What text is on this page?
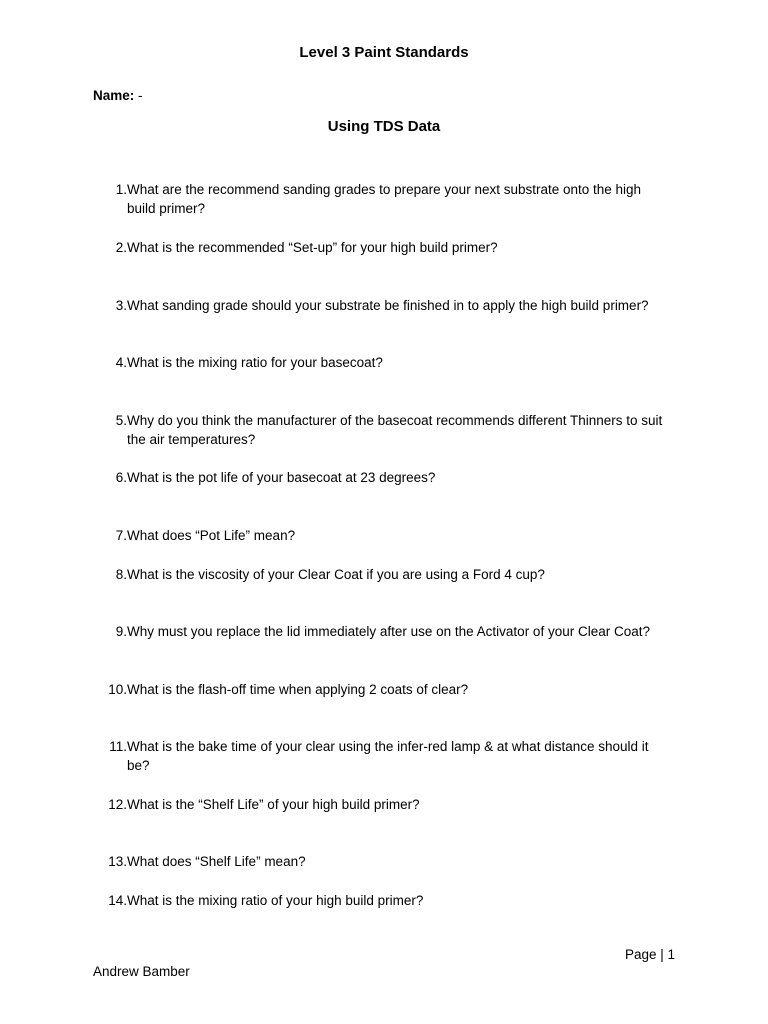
Level 3 Paint Standards
Name: -
Using TDS Data
1. What are the recommend sanding grades to prepare your next substrate onto the high build primer?
2. What is the recommended “Set-up” for your high build primer?
3. What sanding grade should your substrate be finished in to apply the high build primer?
4. What is the mixing ratio for your basecoat?
5. Why do you think the manufacturer of the basecoat recommends different Thinners to suit the air temperatures?
6. What is the pot life of your basecoat at 23 degrees?
7. What does “Pot Life” mean?
8. What is the viscosity of your Clear Coat if you are using a Ford 4 cup?
9. Why must you replace the lid immediately after use on the Activator of your Clear Coat?
10. What is the flash-off time when applying 2 coats of clear?
11. What is the bake time of your clear using the infer-red lamp & at what distance should it be?
12. What is the “Shelf Life” of your high build primer?
13. What does “Shelf Life” mean?
14. What is the mixing ratio of your high build primer?
Page | 1
Andrew Bamber
